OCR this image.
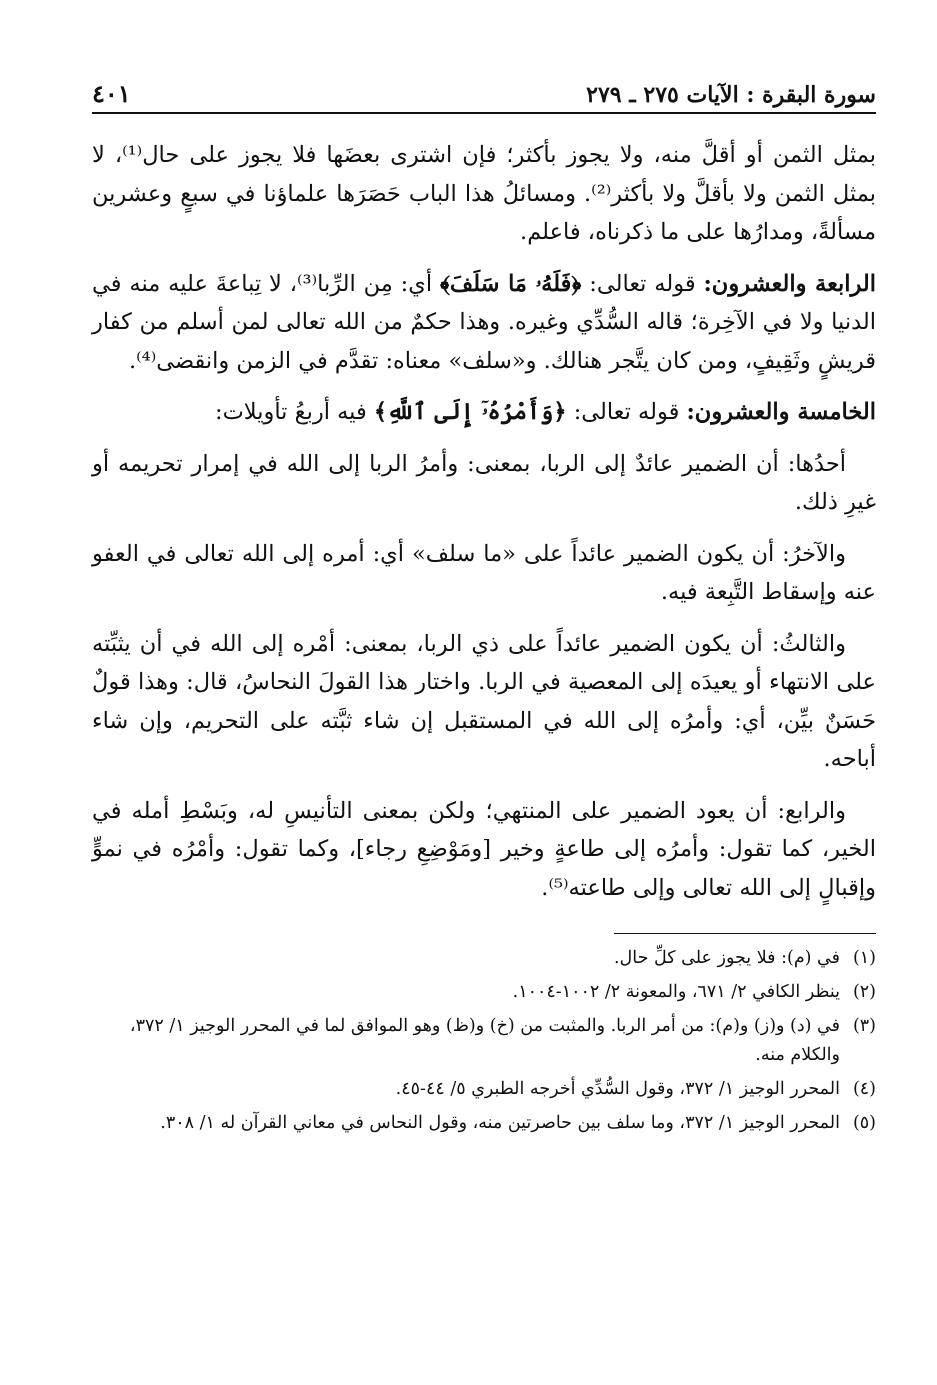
سورة البقرة : الآيات ٢٧٥ ـ ٢٧٩
٤٠١

بمثل الثمن أو أقلَّ منه، ولا يجوز بأكثر؛ فإن اشترى بعضَها فلا يجوز على حال⁽¹⁾، لا بمثل الثمن ولا بأقلَّ ولا بأكثر⁽²⁾. ومسائلُ هذا الباب حَصَرَها علماؤنا في سبعٍ وعشرين مسألةً، ومدارُها على ما ذكرناه، فاعلم.

الرابعة والعشرون: قوله تعالى: ﴿فَلَهُۥ مَا سَلَفَ﴾ أي: مِن الرِّبا⁽³⁾، لا تِباعةَ عليه منه في الدنيا ولا في الآخِرة؛ قاله السُّدِّي وغيره. وهذا حكمٌ من الله تعالى لمن أسلم من كفار قريشٍ وثَقِيفٍ، ومن كان يتَّجر هنالك. و«سلف» معناه: تقدَّم في الزمن وانقضى⁽⁴⁾.

الخامسة والعشرون: قوله تعالى: ﴿وَأَمْرُهُۥٓ إِلَى ٱللَّهِ﴾ فيه أربعُ تأويلات:

أحدُها: أن الضمير عائدٌ إلى الربا، بمعنى: وأمرُ الربا إلى الله في إمرار تحريمه أو غيرِ ذلك.

والآخرُ: أن يكون الضمير عائداً على «ما سلف» أي: أمره إلى الله تعالى في العفو عنه وإسقاط التَّبِعة فيه.

والثالثُ: أن يكون الضمير عائداً على ذي الربا، بمعنى: أمْره إلى الله في أن يثبِّته على الانتهاء أو يعيدَه إلى المعصية في الربا. واختار هذا القولَ النحاسُ، قال: وهذا قولٌ حَسَنٌ بيِّن، أي: وأمرُه إلى الله في المستقبل إن شاء ثبَّته على التحريم، وإن شاء أباحه.

والرابع: أن يعود الضمير على المنتهي؛ ولكن بمعنى التأنيسِ له، وبَسْطِ أمله في الخير، كما تقول: وأمرُه إلى طاعةٍ وخير [ومَوْضِعِ رجاء]، وكما تقول: وأمْرُه في نموٍّ وإقبالٍ إلى الله تعالى وإلى طاعته⁽⁵⁾.

(١)
في (م): فلا يجوز على كلِّ حال.
(٢)
ينظر الكافي ٢/ ٦٧١، والمعونة ٢/ ١٠٠٢-١٠٠٤.
(٣)
في (د) و(ز) و(م): من أمر الربا. والمثبت من (خ) و(ظ) وهو الموافق لما في المحرر الوجيز ١/ ٣٧٢، والكلام منه.
(٤)
المحرر الوجيز ١/ ٣٧٢، وقول السُّدِّي أخرجه الطبري ٥/ ٤٤-٤٥.
(٥)
المحرر الوجيز ١/ ٣٧٢، وما سلف بين حاصرتين منه، وقول النحاس في معاني القرآن له ١/ ٣٠٨.
